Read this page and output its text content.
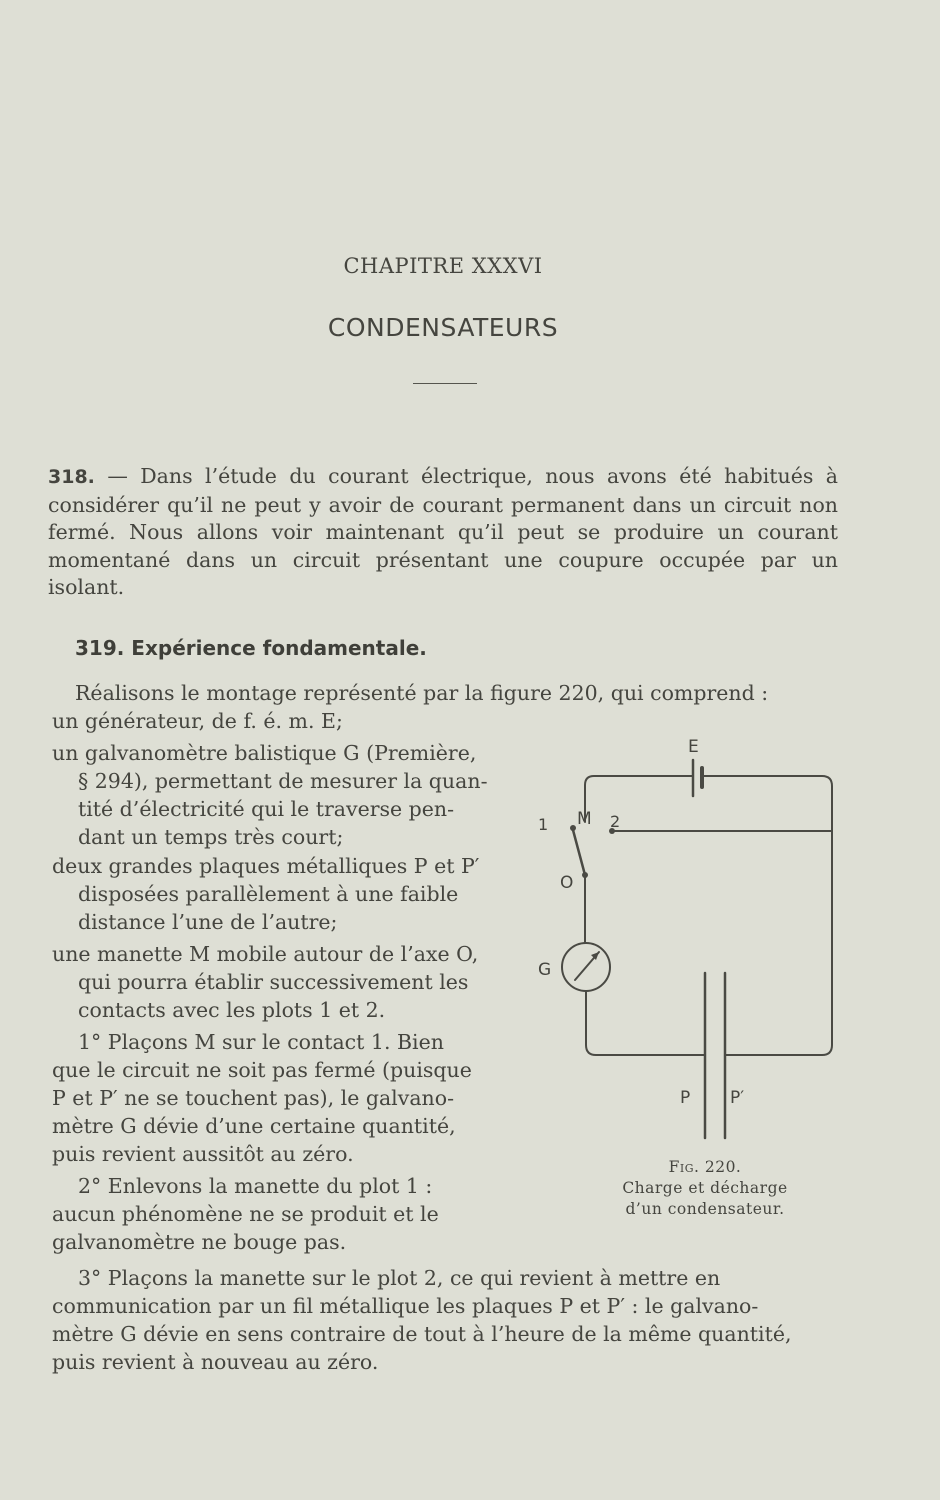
CHAPITRE XXXVI
CONDENSATEURS
318. — Dans l’étude du courant électrique, nous avons été habitués à considérer qu’il ne peut y avoir de courant permanent dans un circuit non fermé. Nous allons voir maintenant qu’il peut se produire un courant momentané dans un circuit présentant une coupure occupée par un isolant.
319. Expérience fondamentale.
Réalisons le montage représenté par la figure 220, qui comprend :
un générateur, de f. é. m. E;
un galvanomètre balistique G (Première,
§ 294), permettant de mesurer la quan-
tité d’électricité qui le traverse pen-
dant un temps très court;
deux grandes plaques métalliques P et P′
disposées parallèlement à une faible
distance l’une de l’autre;
une manette M mobile autour de l’axe O,
qui pourra établir successivement les
contacts avec les plots 1 et 2.
1° Plaçons M sur le contact 1. Bien
que le circuit ne soit pas fermé (puisque
P et P′ ne se touchent pas), le galvano-
mètre G dévie d’une certaine quantité,
puis revient aussitôt au zéro.
2° Enlevons la manette du plot 1 :
aucun phénomène ne se produit et le
galvanomètre ne bouge pas.
3° Plaçons la manette sur le plot 2, ce qui revient à mettre en
communication par un fil métallique les plaques P et P′ : le galvano-
mètre G dévie en sens contraire de tout à l’heure de la même quantité,
puis revient à nouveau au zéro.
E
M
1	2
O
G
P P′
Fig. 220.
Charge et décharge
d’un condensateur.
